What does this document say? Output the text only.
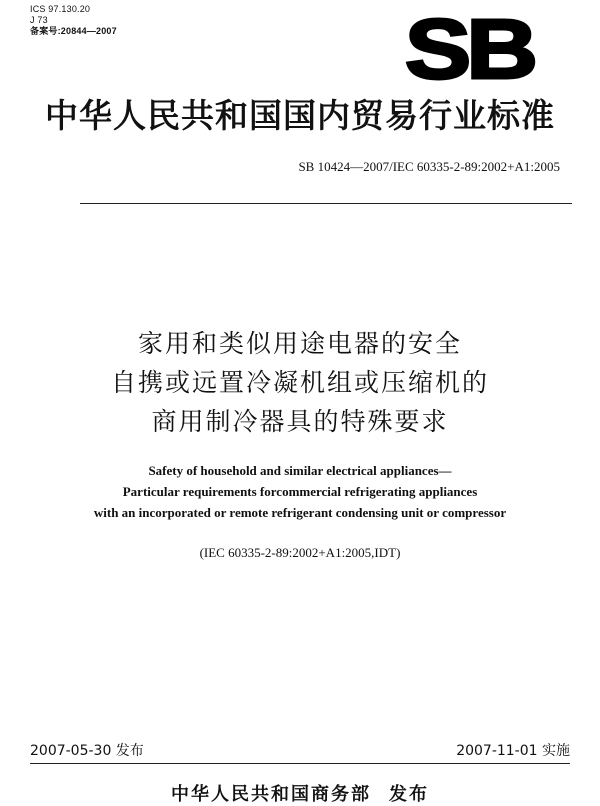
ICS 97.130.20
J 73
备案号:20844—2007	SB
中华人民共和国国内贸易行业标准
SB 10424—2007/IEC 60335-2-89:2002+A1:2005
家用和类似用途电器的安全
自携或远置冷凝机组或压缩机的
商用制冷器具的特殊要求
Safety of household and similar electrical appliances—
Particular requirements forcommercial refrigerating appliances
with an incorporated or remote refrigerant condensing unit or compressor
(IEC 60335-2-89:2002+A1:2005,IDT)
2007-05-30 发布	2007-11-01 实施
中华人民共和国商务部 发布
